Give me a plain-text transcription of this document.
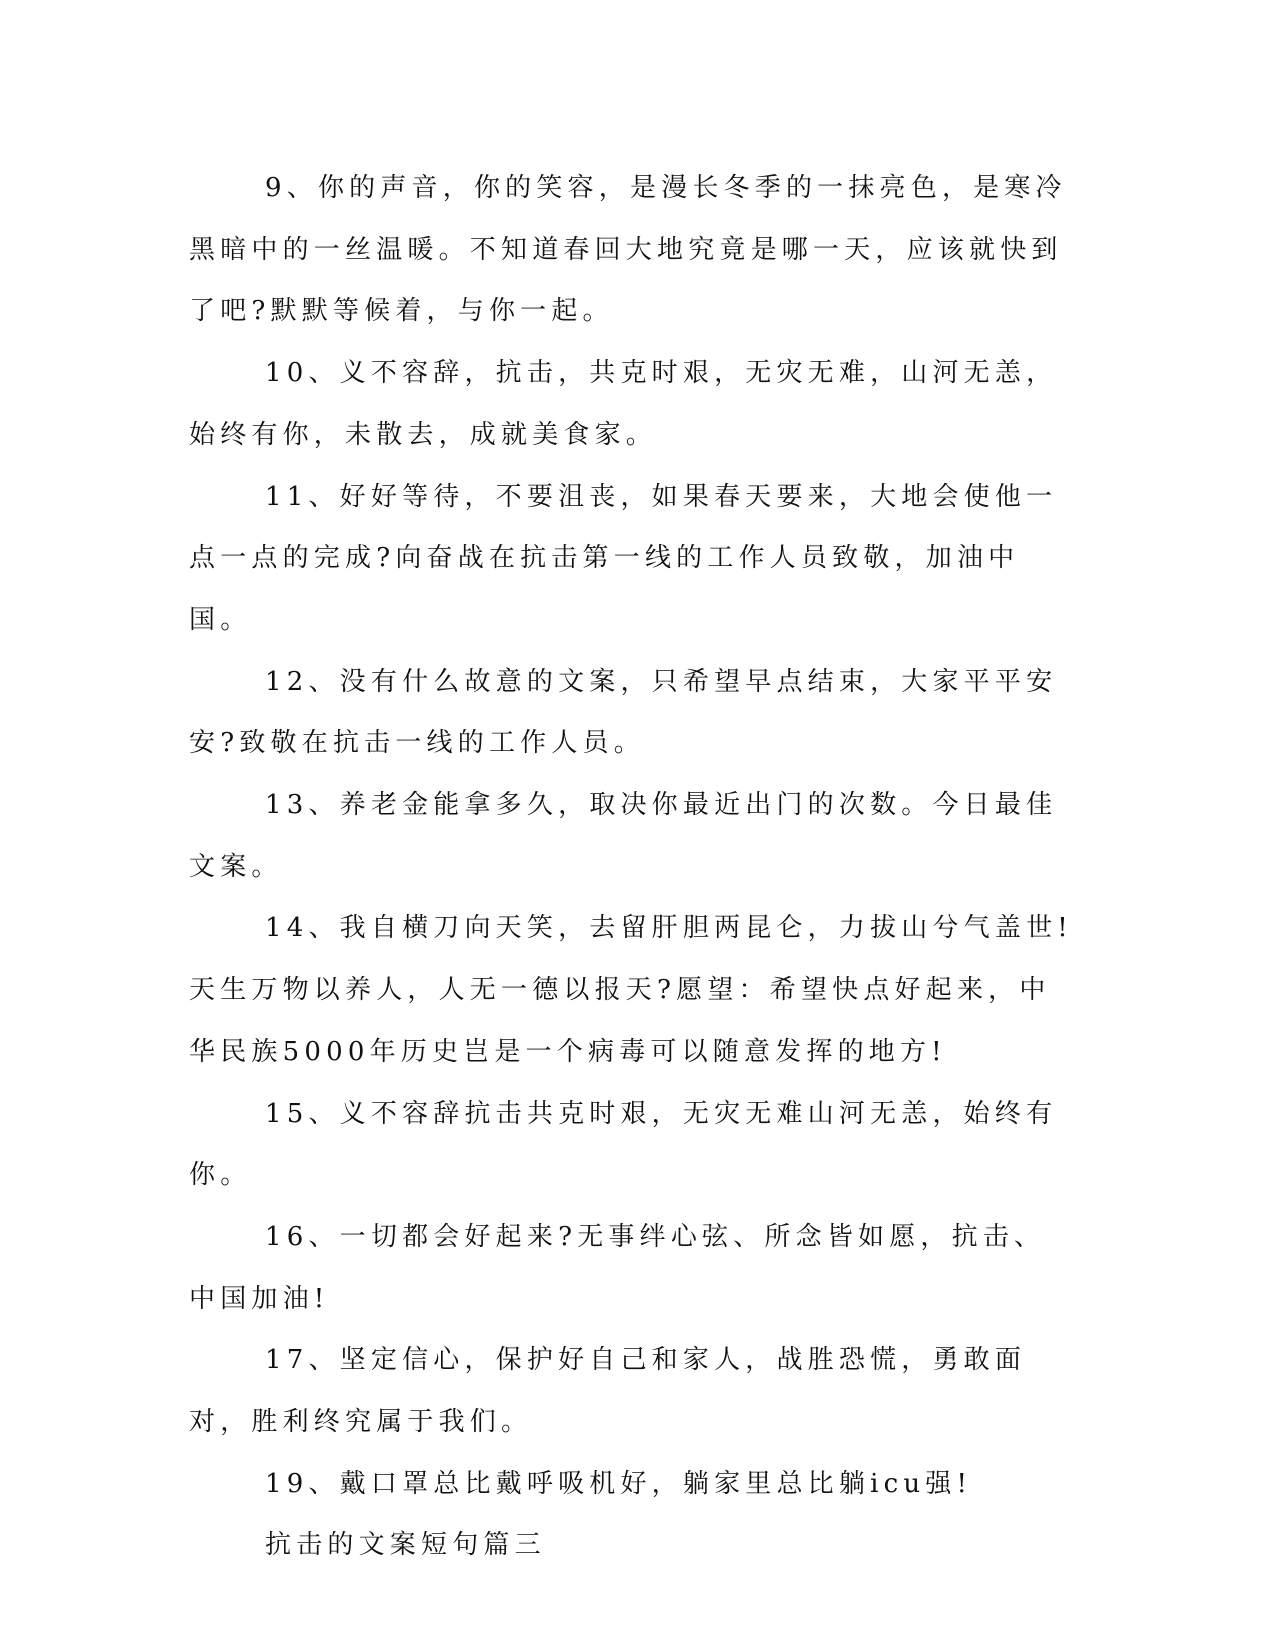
9、你的声音，你的笑容，是漫长冬季的一抹亮色，是寒冷黑暗中的一丝温暖。不知道春回大地究竟是哪一天，应该就快到了吧?默默等候着，与你一起。

10、义不容辞，抗击，共克时艰，无灾无难，山河无恙，始终有你，未散去，成就美食家。

11、好好等待，不要沮丧，如果春天要来，大地会使他一点一点的完成?向奋战在抗击第一线的工作人员致敬，加油中国。

12、没有什么故意的文案，只希望早点结束，大家平平安安?致敬在抗击一线的工作人员。

13、养老金能拿多久，取决你最近出门的次数。今日最佳文案。

14、我自横刀向天笑，去留肝胆两昆仑，力拔山兮气盖世!天生万物以养人，人无一德以报天?愿望：希望快点好起来，中华民族5000年历史岂是一个病毒可以随意发挥的地方!

15、义不容辞抗击共克时艰，无灾无难山河无恙，始终有你。

16、一切都会好起来?无事绊心弦、所念皆如愿，抗击、中国加油!

17、坚定信心，保护好自己和家人，战胜恐慌，勇敢面对，胜利终究属于我们。

19、戴口罩总比戴呼吸机好，躺家里总比躺icu强!

抗击的文案短句篇三
